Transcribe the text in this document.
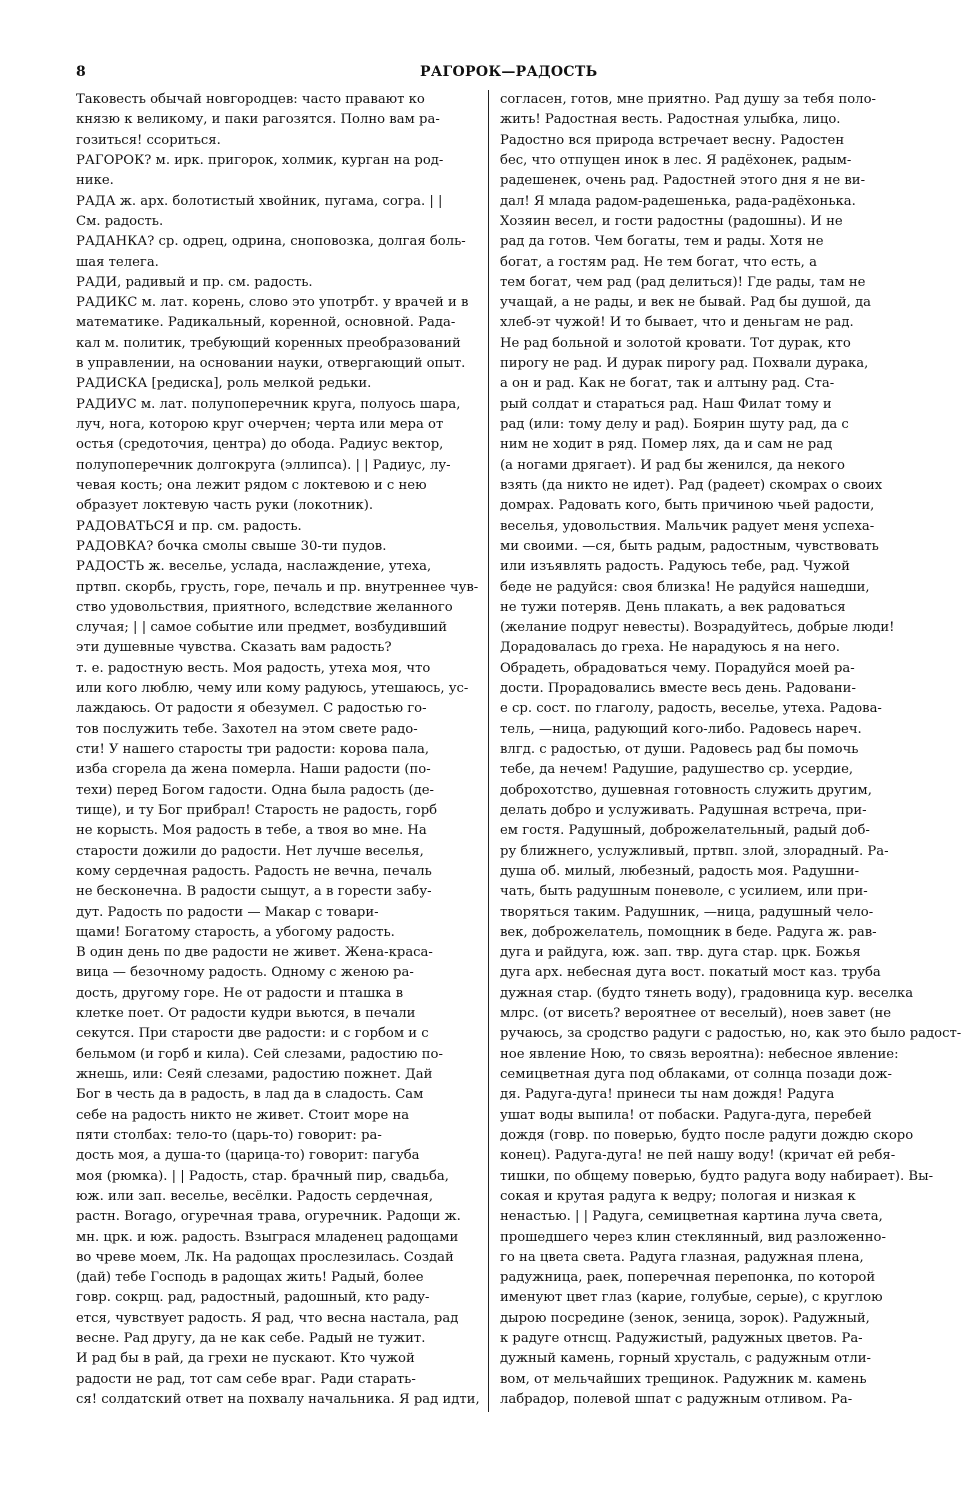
8	РАГОРОК—РАДОСТЬ
Таковесть обычай новгородцев: часто правают ко
князю к великому, и паки рагозятся. Полно вам ра-
гозиться! ссориться.
РАГОРОК? м. ирк. пригорок, холмик, курган на род-
нике.
РАДА ж. арх. болотистый хвойник, пугама, согра. | |
См. радость.
РАДАНКА? ср. одрец, одрина, сноповозка, долгая боль-
шая телега.
РАДИ, радивый и пр. см. радость.
РАДИКС м. лат. корень, слово это употрбт. у врачей и в
математике. Радикальный, коренной, основной. Рада-
кал м. политик, требующий коренных преобразований
в управлении, на основании науки, отвергающий опыт.
РАДИСКА [редиска], роль мелкой редьки.
РАДИУС м. лат. полупоперечник круга, полуось шара,
луч, нога, которою круг очерчен; черта или мера от
остья (средоточия, центра) до обода. Радиус вектор,
полупоперечник долгокруга (эллипса). | | Радиус, лу-
чевая кость; она лежит рядом с локтевою и с нею
образует локтевую часть руки (локотник).
РАДОВАТЬСЯ и пр. см. радость.
РАДОВКА? бочка смолы свыше 30-ти пудов.
РАДОСТЬ ж. веселье, услада, наслаждение, утеха,
пртвп. скорбь, грусть, горе, печаль и пр. внутреннее чув-
ство удовольствия, приятного, вследствие желанного
случая; | | самое событие или предмет, возбудивший
эти душевные чувства. Сказать вам радость?
т. е. радостную весть. Моя радость, утеха моя, что
или кого люблю, чему или кому радуюсь, утешаюсь, ус-
лаждаюсь. От радости я обезумел. С радостью го-
тов послужить тебе. Захотел на этом свете радо-
сти! У нашего старосты три радости: корова пала,
изба сгорела да жена померла. Наши радости (по-
техи) перед Богом гадости. Одна была радость (де-
тище), и ту Бог прибрал! Старость не радость, горб
не корысть. Моя радость в тебе, а твоя во мне. На
старости дожили до радости. Нет лучше веселья,
кому сердечная радость. Радость не вечна, печаль
не бесконечна. В радости сыщут, а в горести забу-
дут. Радость по радости — Макар с товари-
щами! Богатому старость, а убогому радость.
В один день по две радости не живет. Жена-краса-
вица — безочному радость. Одному с женою ра-
дость, другому горе. Не от радости и пташка в
клетке поет. От радости кудри вьются, в печали
секутся. При старости две радости: и с горбом и с
бельмом (и горб и кила). Сей слезами, радостию по-
жнешь, или: Сеяй слезами, радостию пожнет. Дай
Бог в честь да в радость, в лад да в сладость. Сам
себе на радость никто не живет. Стоит море на
пяти столбах: тело-то (царь-то) говорит: ра-
дость моя, а душа-то (царица-то) говорит: пагуба
моя (рюмка). | | Радость, стар. брачный пир, свадьба,
юж. или зап. веселье, весёлки. Радость сердечная,
растн. Borago, огуречная трава, огуречник. Радощи ж.
мн. црк. и юж. радость. Взыграся младенец радощами
во чреве моем, Лк. На радощах прослезилась. Создай
(дай) тебе Господь в радощах жить! Радый, более
говр. сокрщ. рад, радостный, радошный, кто раду-
ется, чувствует радость. Я рад, что весна настала, рад
весне. Рад другу, да не как себе. Радый не тужит.
И рад бы в рай, да грехи не пускают. Кто чужой
радости не рад, тот сам себе враг. Ради старать-
ся! солдатский ответ на похвалу начальника. Я рад идти,
согласен, готов, мне приятно. Рад душу за тебя поло-
жить! Радостная весть. Радостная улыбка, лицо.
Радостно вся природа встречает весну. Радостен
бес, что отпущен инок в лес. Я радёхонек, радым-
радешенек, очень рад. Радостней этого дня я не ви-
дал! Я млада радом-радешенька, рада-радёхонька.
Хозяин весел, и гости радостны (радошны). И не
рад да готов. Чем богаты, тем и рады. Хотя не
богат, а гостям рад. Не тем богат, что есть, а
тем богат, чем рад (рад делиться)! Где рады, там не
учащай, а не рады, и век не бывай. Рад бы душой, да
хлеб-эт чужой! И то бывает, что и деньгам не рад.
Не рад больной и золотой кровати. Тот дурак, кто
пирогу не рад. И дурак пирогу рад. Похвали дурака,
а он и рад. Как не богат, так и алтыну рад. Ста-
рый солдат и стараться рад. Наш Филат тому и
рад (или: тому делу и рад). Боярин шуту рад, да с
ним не ходит в ряд. Помер лях, да и сам не рад
(а ногами дрягает). И рад бы женился, да некого
взять (да никто не идет). Рад (радеет) скомрах о своих
домрах. Радовать кого, быть причиною чьей радости,
веселья, удовольствия. Мальчик радует меня успеха-
ми своими. —ся, быть радым, радостным, чувствовать
или изъявлять радость. Радуюсь тебе, рад. Чужой
беде не радуйся: своя близка! Не радуйся нашедши,
не тужи потеряв. День плакать, а век радоваться
(желание подруг невесты). Возрадуйтесь, добрые люди!
Дорадовалась до греха. Не нарадуюсь я на него.
Обрадеть, обрадоваться чему. Порадуйся моей ра-
дости. Прорадовались вместе весь день. Радовани-
е ср. сост. по глаголу, радость, веселье, утеха. Радова-
тель, —ница, радующий кого-либо. Радовесь нареч.
влгд. с радостью, от души. Радовесь рад бы помочь
тебе, да нечем! Радушие, радушество ср. усердие,
доброхотство, душевная готовность служить другим,
делать добро и услуживать. Радушная встреча, при-
ем гостя. Радушный, доброжелательный, радый доб-
ру ближнего, услужливый, пртвп. злой, злорадный. Ра-
душа об. милый, любезный, радость моя. Радушни-
чать, быть радушным поневоле, с усилием, или при-
творяться таким. Радушник, —ница, радушный чело-
век, доброжелатель, помощник в беде. Радуга ж. рав-
дуга и райдуга, юж. зап. твр. дуга стар. црк. Божья
дуга арх. небесная дуга вост. покатый мост каз. труба
дужная стар. (будто тянеть воду), градовница кур. веселка
млрс. (от висеть? вероятнее от веселый), ноев завет (не
ручаюсь, за сродство радуги с радостью, но, как это было радост-
ное явление Ною, то связь вероятна): небесное явление:
семицветная дуга под облаками, от солнца позади дож-
дя. Радуга-дуга! принеси ты нам дождя! Радуга
ушат воды выпила! от побаски. Радуга-дуга, перебей
дождя (говр. по поверью, будто после радуги дождю скоро
конец). Радуга-дуга! не пей нашу воду! (кричат ей ребя-
тишки, по общему поверью, будто радуга воду набирает). Вы-
сокая и крутая радуга к ведру; пологая и низкая к
ненастью. | | Радуга, семицветная картина луча света,
прошедшего через клин стеклянный, вид разложенно-
го на цвета света. Радуга глазная, радужная плена,
радужница, раек, поперечная перепонка, по которой
именуют цвет глаз (карие, голубые, серые), с круглою
дырою посредине (зенок, зеница, зорок). Радужный,
к радуге отнсщ. Радужистый, радужных цветов. Ра-
дужный камень, горный хрусталь, с радужным отли-
вом, от мельчайших трещинок. Радужник м. камень
лабрадор, полевой шпат с радужным отливом. Ра-
